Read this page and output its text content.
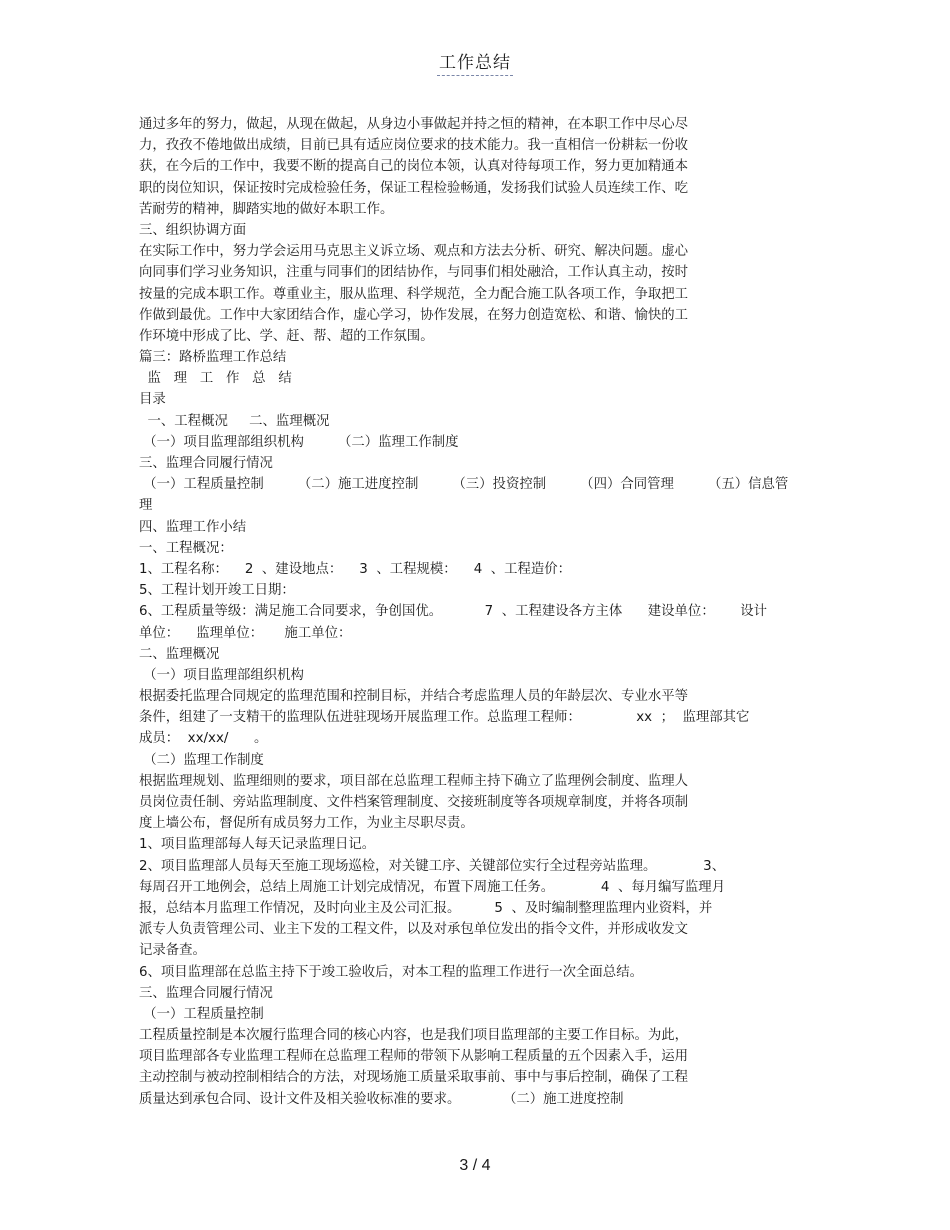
工作总结
通过多年的努力，做起，从现在做起，从身边小事做起并持之恒的精神，在本职工作中尽心尽
力，孜孜不倦地做出成绩，目前已具有适应岗位要求的技术能力。我一直相信一份耕耘一份收
获，在今后的工作中，我要不断的提高自己的岗位本领，认真对待每项工作，努力更加精通本
职的岗位知识，保证按时完成检验任务，保证工程检验畅通，发扬我们试验人员连续工作、吃
苦耐劳的精神，脚踏实地的做好本职工作。
三、组织协调方面
在实际工作中，努力学会运用马克思主义诉立场、观点和方法去分析、研究、解决问题。虚心
向同事们学习业务知识，注重与同事们的团结协作，与同事们相处融洽，工作认真主动，按时
按量的完成本职工作。尊重业主，服从监理、科学规范，全力配合施工队各项工作，争取把工
作做到最优。工作中大家团结合作，虚心学习，协作发展，在努力创造宽松、和谐、愉快的工
作环境中形成了比、学、赶、帮、超的工作氛围。
篇三：路桥监理工作总结
监   理   工   作   总   结
目录
一、工程概况     二、监理概况
（一）项目监理部组织机构        （二）监理工作制度
三、监理合同履行情况
（一）工程质量控制        （二）施工进度控制        （三）投资控制        （四）合同管理        （五）信息管
理
四、监理工作小结
一、工程概况：
1、工程名称：    2  、建设地点：    3  、工程规模：    4  、工程造价：
5、工程计划开竣工日期：
6、工程质量等级：满足施工合同要求，争创国优。          7  、工程建设各方主体      建设单位：      设计
单位：    监理单位：     施工单位：
二、监理概况
（一）项目监理部组织机构
根据委托监理合同规定的监理范围和控制目标，并结合考虑监理人员的年龄层次、专业水平等
条件，组建了一支精干的监理队伍进驻现场开展监理工作。总监理工程师：             xx  ；  监理部其它
成员：  xx/xx/      。
（二）监理工作制度
根据监理规划、监理细则的要求，项目部在总监理工程师主持下确立了监理例会制度、监理人
员岗位责任制、旁站监理制度、文件档案管理制度、交接班制度等各项规章制度，并将各项制
度上墙公布，督促所有成员努力工作，为业主尽职尽责。
1、项目监理部每人每天记录监理日记。
2、项目监理部人员每天至施工现场巡检，对关键工序、关键部位实行全过程旁站监理。           3、
每周召开工地例会，总结上周施工计划完成情况，布置下周施工任务。           4  、每月编写监理月
报，总结本月监理工作情况，及时向业主及公司汇报。        5  、及时编制整理监理内业资料，并
派专人负责管理公司、业主下发的工程文件，以及对承包单位发出的指令文件，并形成收发文
记录备查。
6、项目监理部在总监主持下于竣工验收后，对本工程的监理工作进行一次全面总结。
三、监理合同履行情况
（一）工程质量控制
工程质量控制是本次履行监理合同的核心内容，也是我们项目监理部的主要工作目标。为此，
项目监理部各专业监理工程师在总监理工程师的带领下从影响工程质量的五个因素入手，运用
主动控制与被动控制相结合的方法，对现场施工质量采取事前、事中与事后控制，确保了工程
质量达到承包合同、设计文件及相关验收标准的要求。          （二）施工进度控制
3 / 4
